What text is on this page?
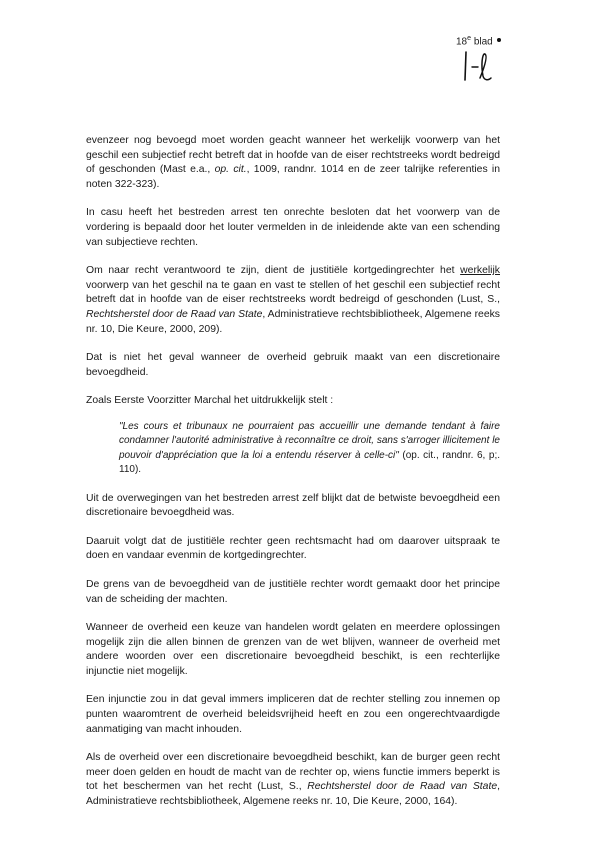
18e blad

evenzeer nog bevoegd moet worden geacht wanneer het werkelijk voorwerp van het geschil een subjectief recht betreft dat in hoofde van de eiser rechtstreeks wordt bedreigd of geschonden (Mast e.a., op. cit., 1009, randnr. 1014 en de zeer talrijke referenties in noten 322-323).

In casu heeft het bestreden arrest ten onrechte besloten dat het voorwerp van de vordering is bepaald door het louter vermelden in de inleidende akte van een schending van subjectieve rechten.

Om naar recht verantwoord te zijn, dient de justitiële kortgedingrechter het werkelijk voorwerp van het geschil na te gaan en vast te stellen of het geschil een subjectief recht betreft dat in hoofde van de eiser rechtstreeks wordt bedreigd of geschonden (Lust, S., Rechtsherstel door de Raad van State, Administratieve rechtsbibliotheek, Algemene reeks nr. 10, Die Keure, 2000, 209).

Dat is niet het geval wanneer de overheid gebruik maakt van een discretionaire bevoegdheid.

Zoals Eerste Voorzitter Marchal het uitdrukkelijk stelt :

"Les cours et tribunaux ne pourraient pas accueillir une demande tendant à faire condamner l'autorité administrative à reconnaître ce droit, sans s'arroger illicitement le pouvoir d'appréciation que la loi a entendu réserver à celle-ci" (op. cit., randnr. 6, p;. 110).

Uit de overwegingen van het bestreden arrest zelf blijkt dat de betwiste bevoegdheid een discretionaire bevoegdheid was.

Daaruit volgt dat de justitiële rechter geen rechtsmacht had om daarover uitspraak te doen en vandaar evenmin de kortgedingrechter.

De grens van de bevoegdheid van de justitiële rechter wordt gemaakt door het principe van de scheiding der machten.

Wanneer de overheid een keuze van handelen wordt gelaten en meerdere oplossingen mogelijk zijn die allen binnen de grenzen van de wet blijven, wanneer de overheid met andere woorden over een discretionaire bevoegdheid beschikt, is een rechterlijke injunctie niet mogelijk.

Een injunctie zou in dat geval immers impliceren dat de rechter stelling zou innemen op punten waaromtrent de overheid beleidsvrijheid heeft en zou een ongerechtvaardigde aanmatiging van macht inhouden.

Als de overheid over een discretionaire bevoegdheid beschikt, kan de burger geen recht meer doen gelden en houdt de macht van de rechter op, wiens functie immers beperkt is tot het beschermen van het recht (Lust, S., Rechtsherstel door de Raad van State, Administratieve rechtsbibliotheek, Algemene reeks nr. 10, Die Keure, 2000, 164).
